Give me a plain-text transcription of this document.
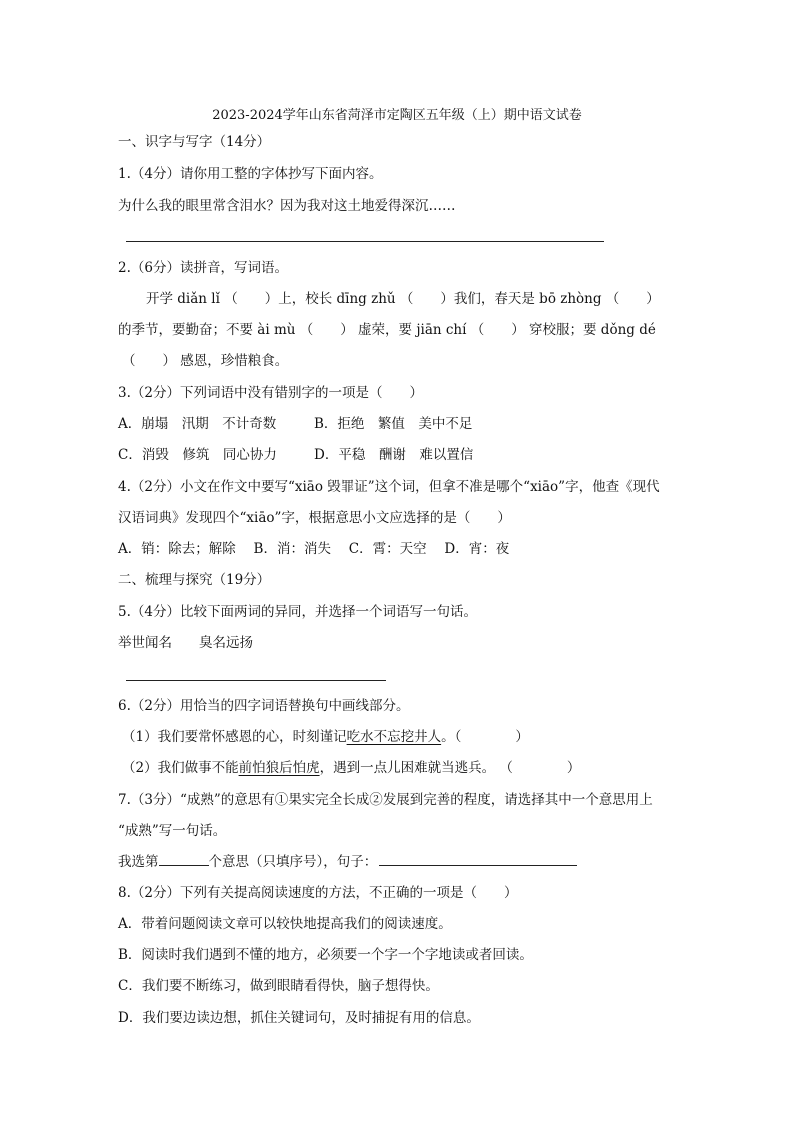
2023-2024学年山东省菏泽市定陶区五年级（上）期中语文试卷
一、识字与写字（14分）
1.（4分）请你用工整的字体抄写下面内容。
为什么我的眼里常含泪水？因为我对这土地爱得深沉……
2.（6分）读拼音，写词语。
开学 diǎn lǐ （　　）上，校长 dīng zhǔ （　　）我们，春天是 bō zhòng （　　）
的季节，要勤奋；不要 ài mù （　　） 虚荣，要 jiān chí （　　） 穿校服；要 dǒng dé
（　　） 感恩，珍惜粮食。
3.（2分）下列词语中没有错别字的一项是（　　）
A．崩塌　汛期　不计奇数	B．拒绝　繁值　美中不足
C．消毁　修筑　同心协力	D．平稳　酬谢　难以置信
4.（2分）小文在作文中要写“xiāo 毁罪证”这个词，但拿不准是哪个“xiāo”字，他查《现代
汉语词典》发现四个“xiāo”字，根据意思小文应选择的是（　　）
A．销：除去；解除　 B．消：消失　 C．霄：天空　 D．宵：夜
二、梳理与探究（19分）
5.（4分）比较下面两词的异同，并选择一个词语写一句话。
举世闻名　　臭名远扬
6.（2分）用恰当的四字词语替换句中画线部分。
（1）我们要常怀感恩的心，时刻谨记吃水不忘挖井人。（　　　　）
（2）我们做事不能前怕狼后怕虎，遇到一点儿困难就当逃兵。 （　　　　）
7.（3分）“成熟”的意思有①果实完全长成②发展到完善的程度，请选择其中一个意思用上
“成熟”写一句话。
我选第	个意思（只填序号），句子：
8.（2分）下列有关提高阅读速度的方法，不正确的一项是（　　）
A．带着问题阅读文章可以较快地提高我们的阅读速度。
B．阅读时我们遇到不懂的地方，必须要一个字一个字地读或者回读。
C．我们要不断练习，做到眼睛看得快，脑子想得快。
D．我们要边读边想，抓住关键词句，及时捕捉有用的信息。
